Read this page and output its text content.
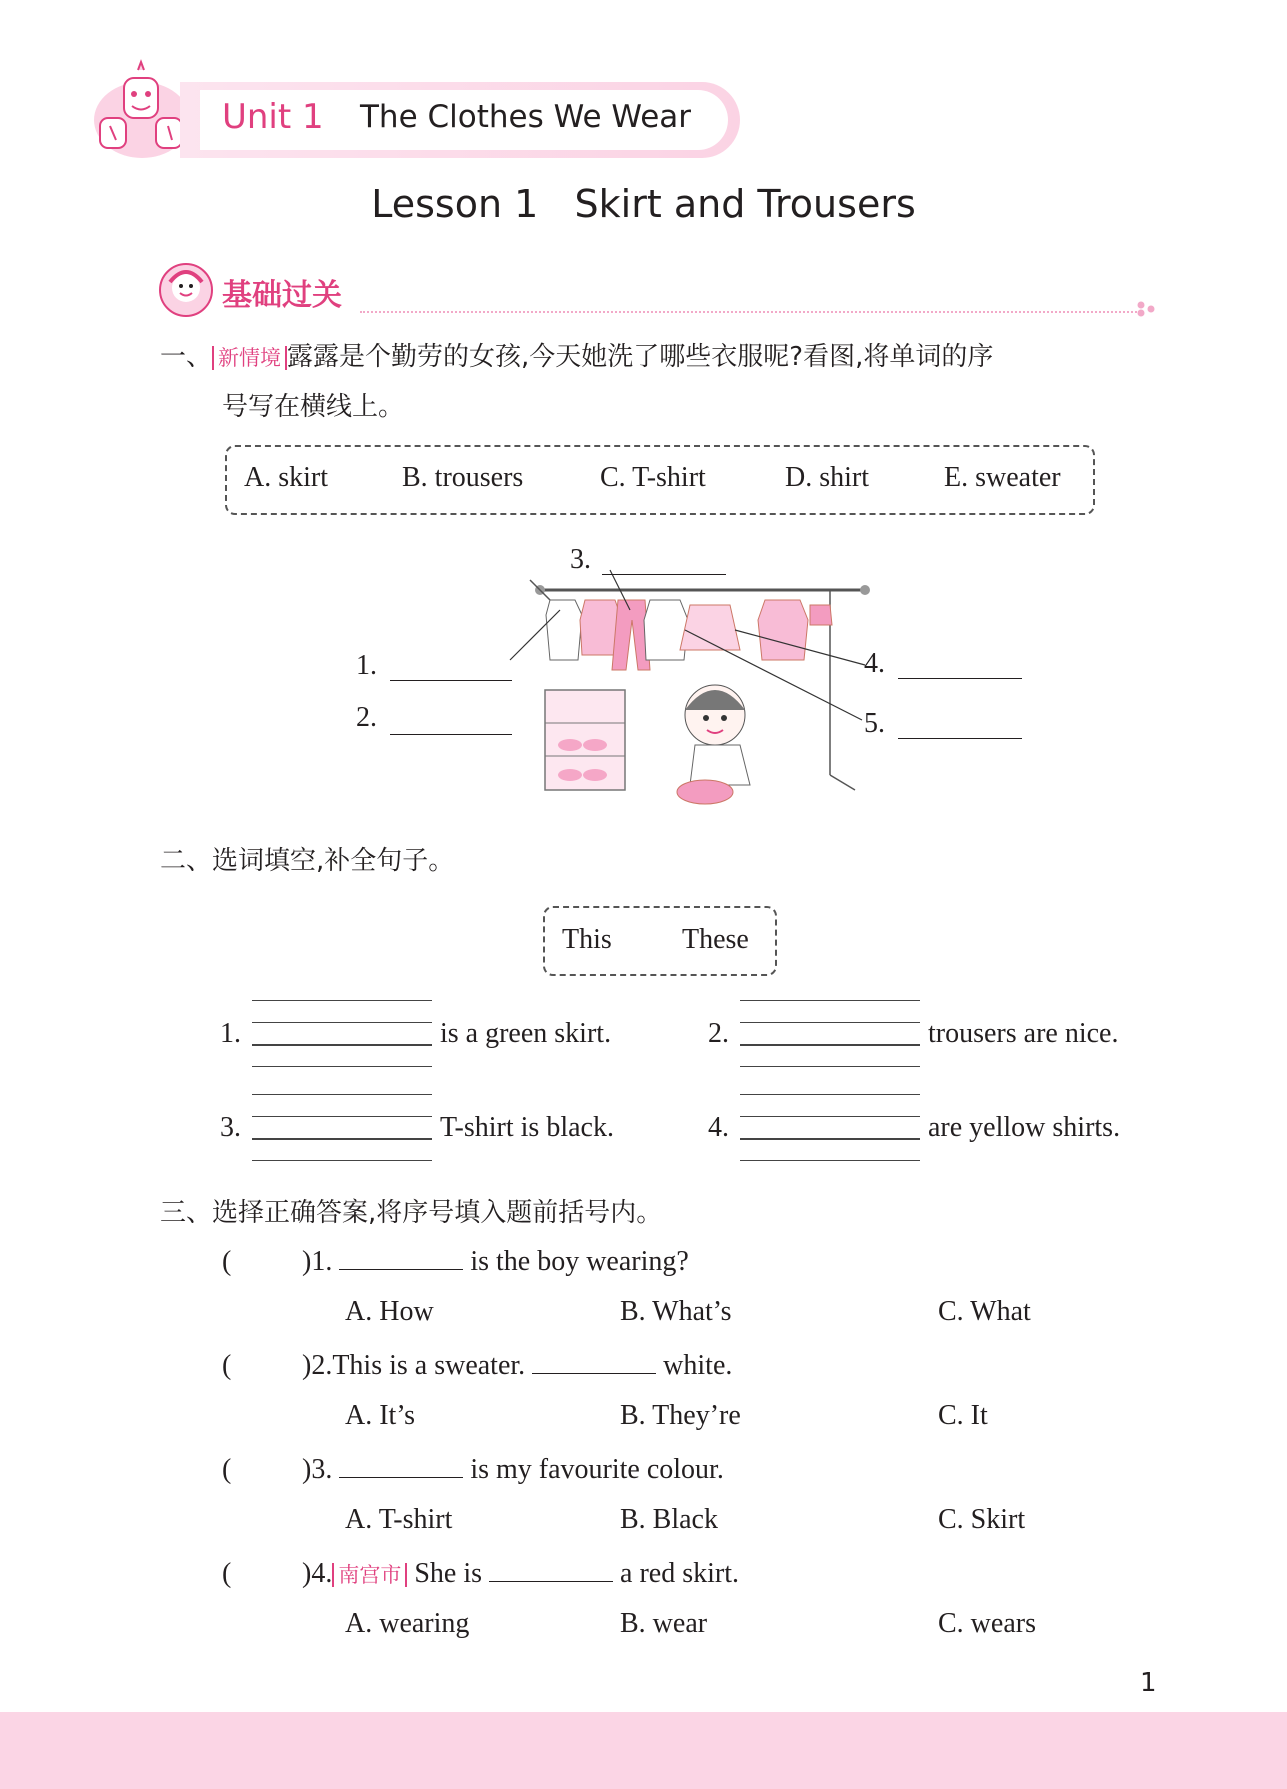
Unit 1 The Clothes We Wear
Lesson 1   Skirt and Trousers
基础过关
一、 新情境 露露是个勤劳的女孩,今天她洗了哪些衣服呢?看图,将单词的序
号写在横线上。
A. skirt	B. trousers	C. T-shirt	D. shirt	E. sweater
1.
2.
3.
4.
5.
二、选词填空,补全句子。
This	These
1.	is a green skirt.	2.	trousers are nice.
3.	T-shirt is black.	4.	are yellow shirts.
三、选择正确答案,将序号填入题前括号内。
(	)1.	is the boy wearing?
A. How	B. What’s	C. What
(	)2.This is a sweater.	white.
A. It’s	B. They’re	C. It
(	)3.	is my favourite colour.
A. T-shirt	B. Black	C. Skirt
(	)4. 南宫市 She is	a red skirt.
A. wearing	B. wear	C. wears
1
